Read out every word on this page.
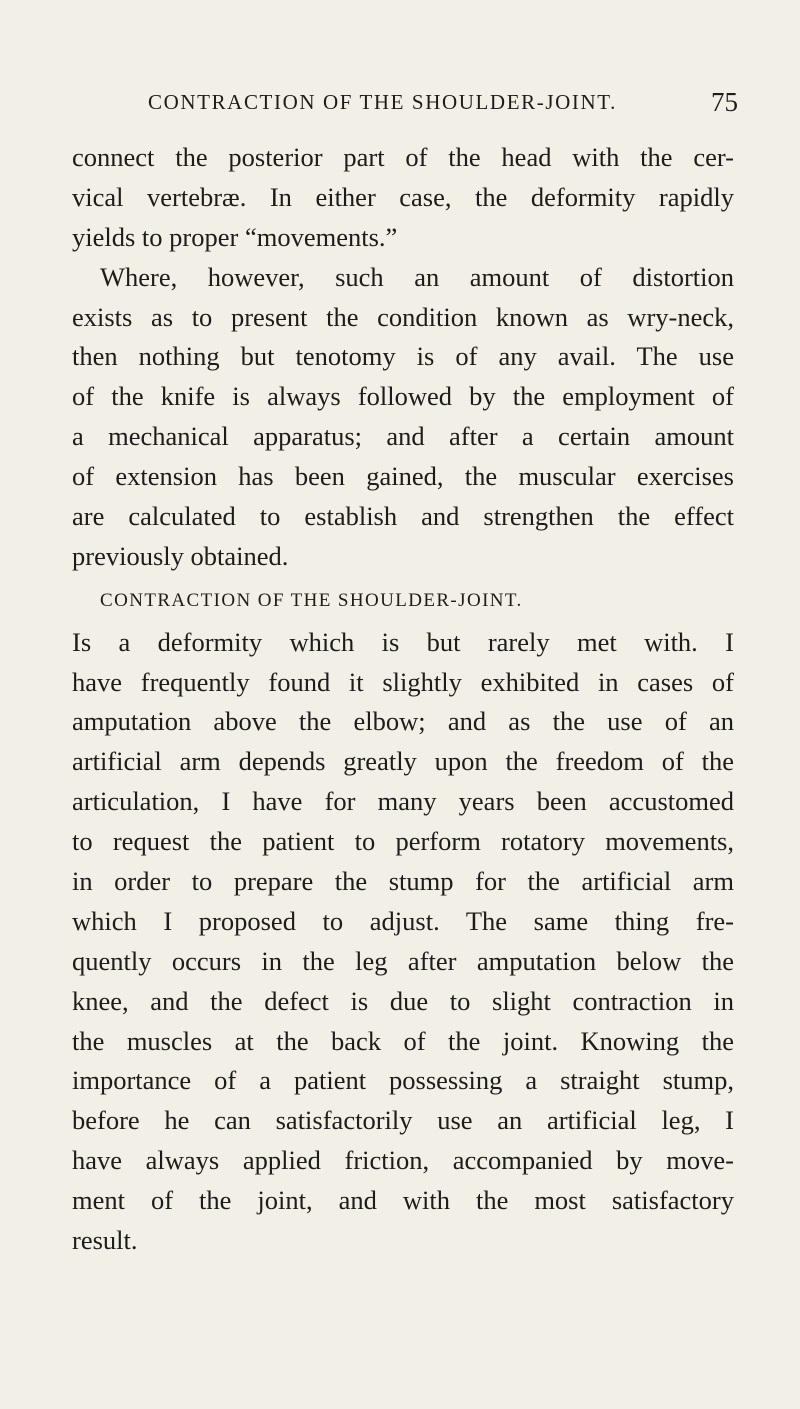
CONTRACTION OF THE SHOULDER-JOINT.	75
connect the posterior part of the head with the cer-
vical vertebræ. In either case, the deformity rapidly
yields to proper “movements.”
Where, however, such an amount of distortion
exists as to present the condition known as wry-neck,
then nothing but tenotomy is of any avail. The use
of the knife is always followed by the employment of
a mechanical apparatus; and after a certain amount
of extension has been gained, the muscular exercises
are calculated to establish and strengthen the effect
previously obtained.
CONTRACTION OF THE SHOULDER-JOINT.
Is a deformity which is but rarely met with. I
have frequently found it slightly exhibited in cases of
amputation above the elbow; and as the use of an
artificial arm depends greatly upon the freedom of the
articulation, I have for many years been accustomed
to request the patient to perform rotatory movements,
in order to prepare the stump for the artificial arm
which I proposed to adjust. The same thing fre-
quently occurs in the leg after amputation below the
knee, and the defect is due to slight contraction in
the muscles at the back of the joint. Knowing the
importance of a patient possessing a straight stump,
before he can satisfactorily use an artificial leg, I
have always applied friction, accompanied by move-
ment of the joint, and with the most satisfactory
result.
